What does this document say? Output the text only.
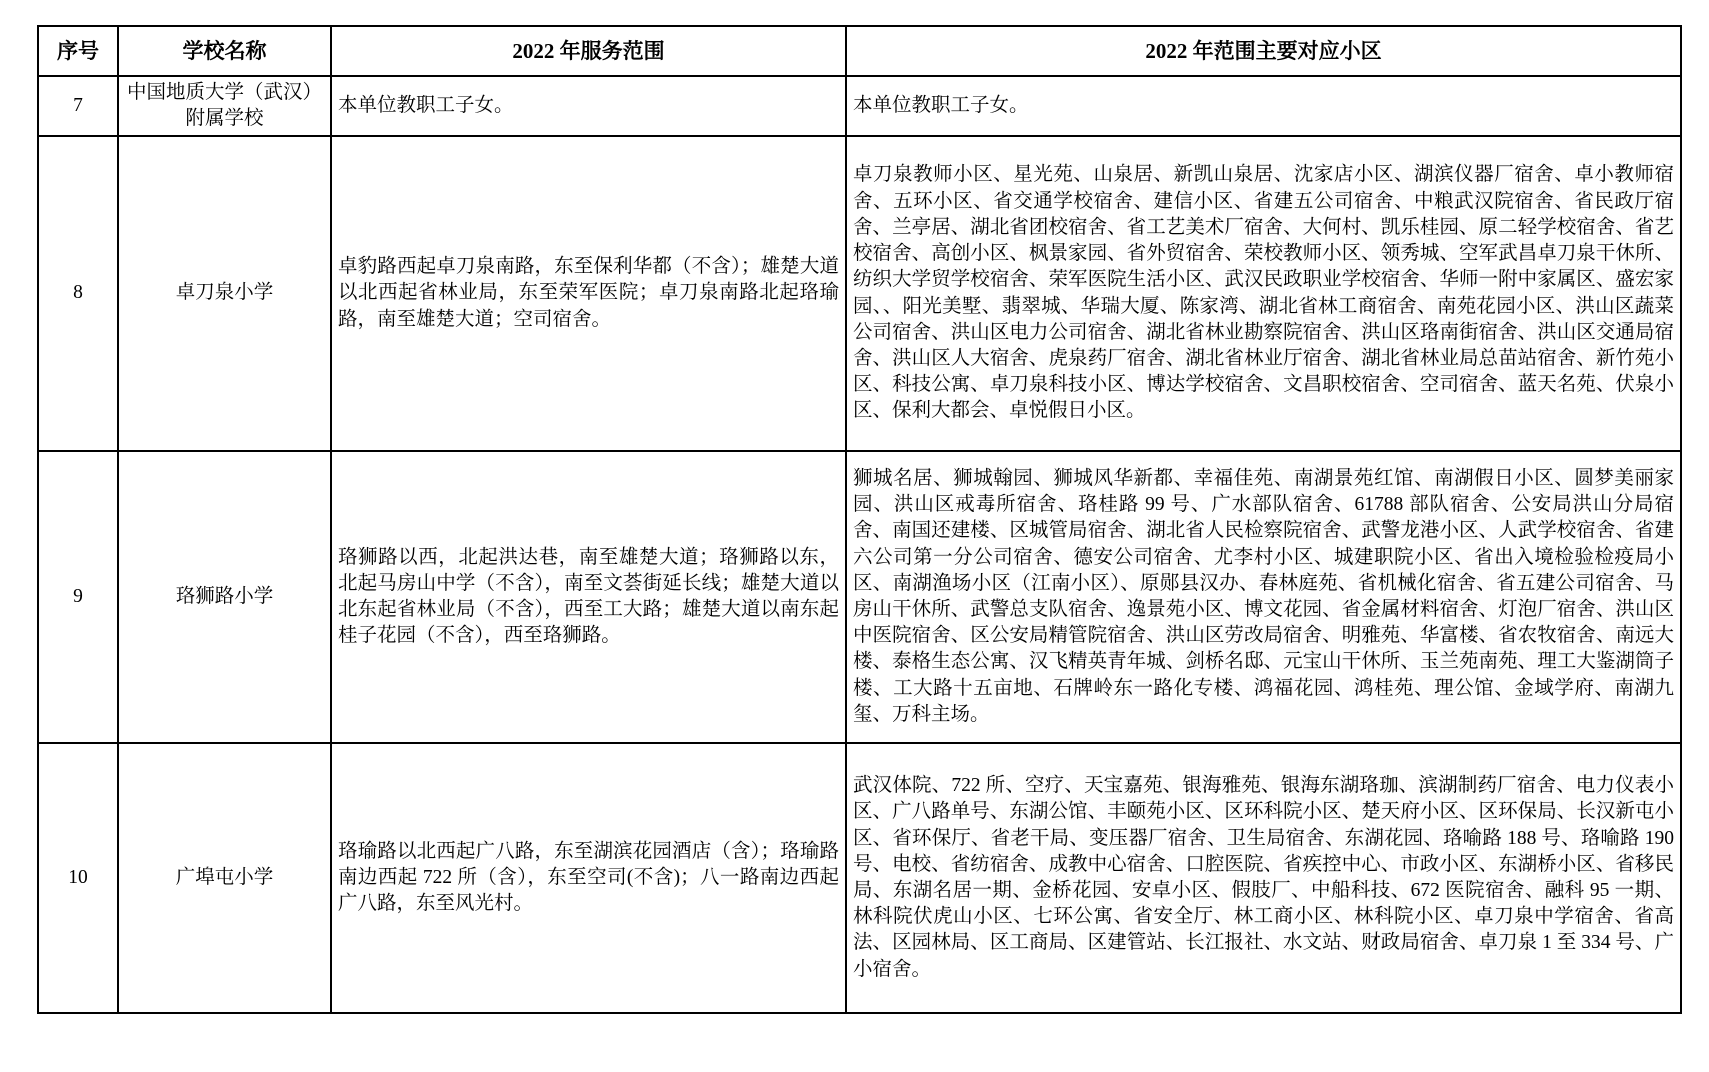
序号	学校名称	2022 年服务范围	2022 年范围主要对应小区
7	中国地质大学（武汉）附属学校	本单位教职工子女。	本单位教职工子女。
8	卓刀泉小学	卓豹路西起卓刀泉南路，东至保利华都（不含）；雄楚大道以北西起省林业局，东至荣军医院；卓刀泉南路北起珞瑜路，南至雄楚大道；空司宿舍。	卓刀泉教师小区、星光苑、山泉居、新凯山泉居、沈家店小区、湖滨仪器厂宿舍、卓小教师宿舍、五环小区、省交通学校宿舍、建信小区、省建五公司宿舍、中粮武汉院宿舍、省民政厅宿舍、兰亭居、湖北省团校宿舍、省工艺美术厂宿舍、大何村、凯乐桂园、原二轻学校宿舍、省艺校宿舍、高创小区、枫景家园、省外贸宿舍、荣校教师小区、领秀城、空军武昌卓刀泉干休所、纺织大学贸学校宿舍、荣军医院生活小区、武汉民政职业学校宿舍、华师一附中家属区、盛宏家园、、阳光美墅、翡翠城、华瑞大厦、陈家湾、湖北省林工商宿舍、南苑花园小区、洪山区蔬菜公司宿舍、洪山区电力公司宿舍、湖北省林业勘察院宿舍、洪山区珞南街宿舍、洪山区交通局宿舍、洪山区人大宿舍、虎泉药厂宿舍、湖北省林业厅宿舍、湖北省林业局总苗站宿舍、新竹苑小区、科技公寓、卓刀泉科技小区、博达学校宿舍、文昌职校宿舍、空司宿舍、蓝天名苑、伏泉小区、保利大都会、卓悦假日小区。
9	珞狮路小学	珞狮路以西，北起洪达巷，南至雄楚大道；珞狮路以东，北起马房山中学（不含），南至文荟街延长线；雄楚大道以北东起省林业局（不含），西至工大路；雄楚大道以南东起桂子花园（不含），西至珞狮路。	狮城名居、狮城翰园、狮城风华新都、幸福佳苑、南湖景苑红馆、南湖假日小区、圆梦美丽家园、洪山区戒毒所宿舍、珞桂路 99 号、广水部队宿舍、61788 部队宿舍、公安局洪山分局宿舍、南国还建楼、区城管局宿舍、湖北省人民检察院宿舍、武警龙港小区、人武学校宿舍、省建六公司第一分公司宿舍、德安公司宿舍、尤李村小区、城建职院小区、省出入境检验检疫局小区、南湖渔场小区（江南小区）、原郧县汉办、春林庭苑、省机械化宿舍、省五建公司宿舍、马房山干休所、武警总支队宿舍、逸景苑小区、博文花园、省金属材料宿舍、灯泡厂宿舍、洪山区中医院宿舍、区公安局精管院宿舍、洪山区劳改局宿舍、明雅苑、华富楼、省农牧宿舍、南远大楼、泰格生态公寓、汉飞精英青年城、剑桥名邸、元宝山干休所、玉兰苑南苑、理工大鉴湖筒子楼、工大路十五亩地、石牌岭东一路化专楼、鸿福花园、鸿桂苑、理公馆、金域学府、南湖九玺、万科主场。
10	广埠屯小学	珞瑜路以北西起广八路，东至湖滨花园酒店（含）；珞瑜路南边西起 722 所（含），东至空司(不含)；八一路南边西起广八路，东至风光村。	武汉体院、722 所、空疗、天宝嘉苑、银海雅苑、银海东湖珞珈、滨湖制药厂宿舍、电力仪表小区、广八路单号、东湖公馆、丰颐苑小区、区环科院小区、楚天府小区、区环保局、长汉新屯小区、省环保厅、省老干局、变压器厂宿舍、卫生局宿舍、东湖花园、珞喻路 188 号、珞喻路 190 号、电校、省纺宿舍、成教中心宿舍、口腔医院、省疾控中心、市政小区、东湖桥小区、省移民局、东湖名居一期、金桥花园、安卓小区、假肢厂、中船科技、672 医院宿舍、融科 95 一期、林科院伏虎山小区、七环公寓、省安全厅、林工商小区、林科院小区、卓刀泉中学宿舍、省高法、区园林局、区工商局、区建管站、长江报社、水文站、财政局宿舍、卓刀泉 1 至 334 号、广小宿舍。
